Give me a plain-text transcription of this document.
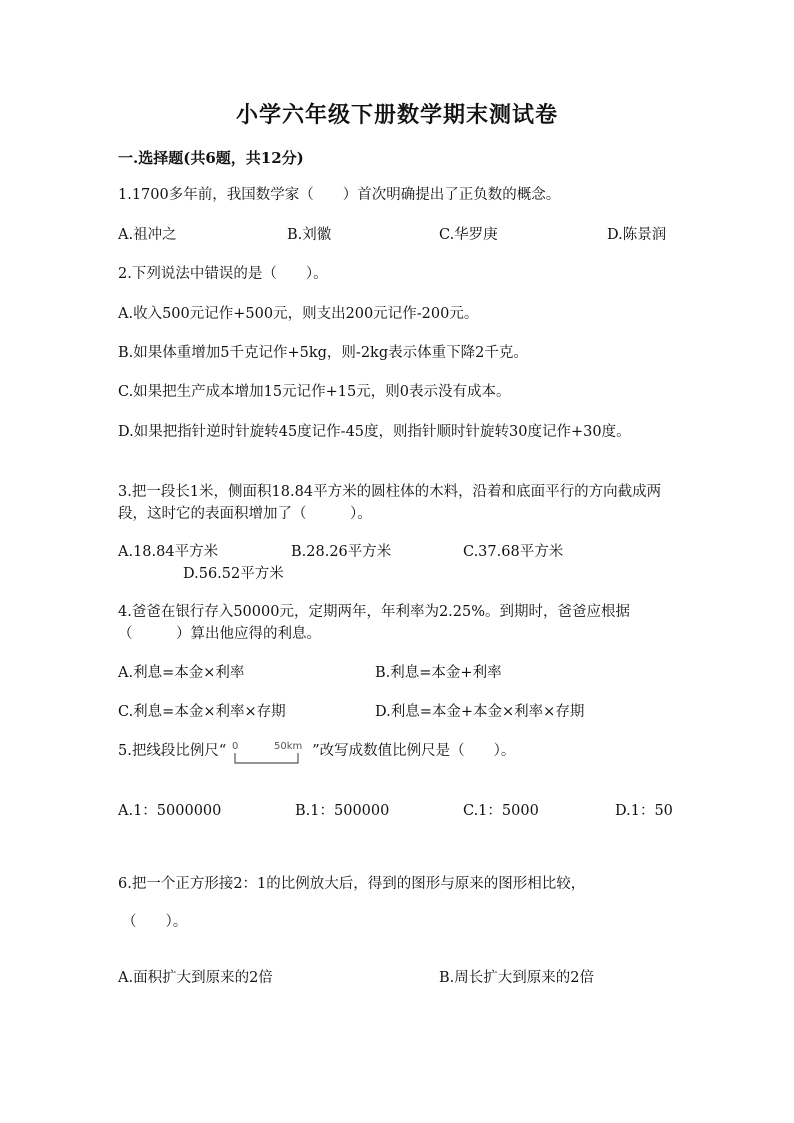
小学六年级下册数学期末测试卷
一.选择题(共6题，共12分)
1.1700多年前，我国数学家（　　）首次明确提出了正负数的概念。
A.祖冲之	B.刘徽	C.华罗庚	D.陈景润
2.下列说法中错误的是（　　）。
A.收入500元记作+500元，则支出200元记作-200元。
B.如果体重增加5千克记作+5kg，则-2kg表示体重下降2千克。
C.如果把生产成本增加15元记作+15元，则0表示没有成本。
D.如果把指针逆时针旋转45度记作-45度，则指针顺时针旋转30度记作+30度。
3.把一段长1米，侧面积18.84平方米的圆柱体的木料，沿着和底面平行的方向截成两段，这时它的表面积增加了（　　　）。
A.18.84平方米	B.28.26平方米	C.37.68平方米
D.56.52平方米
4.爸爸在银行存入50000元，定期两年，年利率为2.25%。到期时，爸爸应根据（　　　）算出他应得的利息。
A.利息=本金×利率	B.利息=本金+利率
C.利息=本金×利率×存期	D.利息=本金+本金×利率×存期
5.把线段比例尺“ 0	50km ”改写成数值比例尺是（　　）。
A.1：5000000	B.1：500000	C.1：5000	D.1：50
6.把一个正方形接2：1的比例放大后，得到的图形与原来的图形相比较，
（　　）。
A.面积扩大到原来的2倍	B.周长扩大到原来的2倍
